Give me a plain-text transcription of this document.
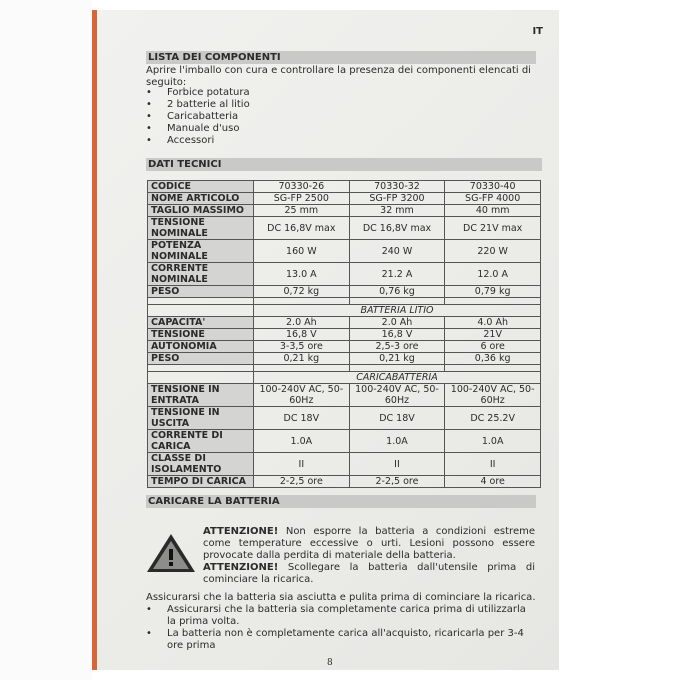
IT
LISTA DEI COMPONENTI

Aprire l'imballo con cura e controllare la presenza dei componenti elencati di seguito:

• Forbice potatura
• 2 batterie al litio
• Caricabatteria
• Manuale d'uso
• Accessori
DATI TECNICI
CODICE	70330-26	70330-32	70330-40
NOME ARTICOLO	SG-FP 2500	SG-FP 3200	SG-FP 4000
TAGLIO MASSIMO	25 mm	32 mm	40 mm
TENSIONE NOMINALE	DC 16,8V max	DC 16,8V max	DC 21V max
POTENZA NOMINALE	160 W	240 W	220 W
CORRENTE NOMINALE	13.0 A	21.2 A	12.0 A
PESO	0,72 kg	0,76 kg	0,79 kg

	BATTERIA LITIO		
CAPACITA'	2.0 Ah	2.0 Ah	4.0 Ah
TENSIONE	16,8 V	16,8 V	21V
AUTONOMIA	3-3,5 ore	2,5-3 ore	6 ore
PESO	0,21 kg	0,21 kg	0,36 kg

	CARICABATTERIA		
TENSIONE IN ENTRATA	100-240V AC, 50-60Hz	100-240V AC, 50-60Hz	100-240V AC, 50-60Hz
TENSIONE IN USCITA	DC 18V	DC 18V	DC 25.2V
CORRENTE DI CARICA	1.0A	1.0A	1.0A
CLASSE DI ISOLAMENTO	II	II	II
TEMPO DI CARICA	2-2,5 ore	2-2,5 ore	4 ore
CARICARE LA BATTERIA
ATTENZIONE! Non esporre la batteria a condizioni estreme come temperature eccessive o urti. Lesioni possono essere provocate dalla perdita di materiale della batteria.
ATTENZIONE! Scollegare la batteria dall'utensile prima di cominciare la ricarica.

Assicurarsi che la batteria sia asciutta e pulita prima di cominciare la ricarica.

• Assicurarsi che la batteria sia completamente carica prima di utilizzarla la prima volta.
• La batteria non è completamente carica all'acquisto, ricaricarla per 3-4 ore prima
8
